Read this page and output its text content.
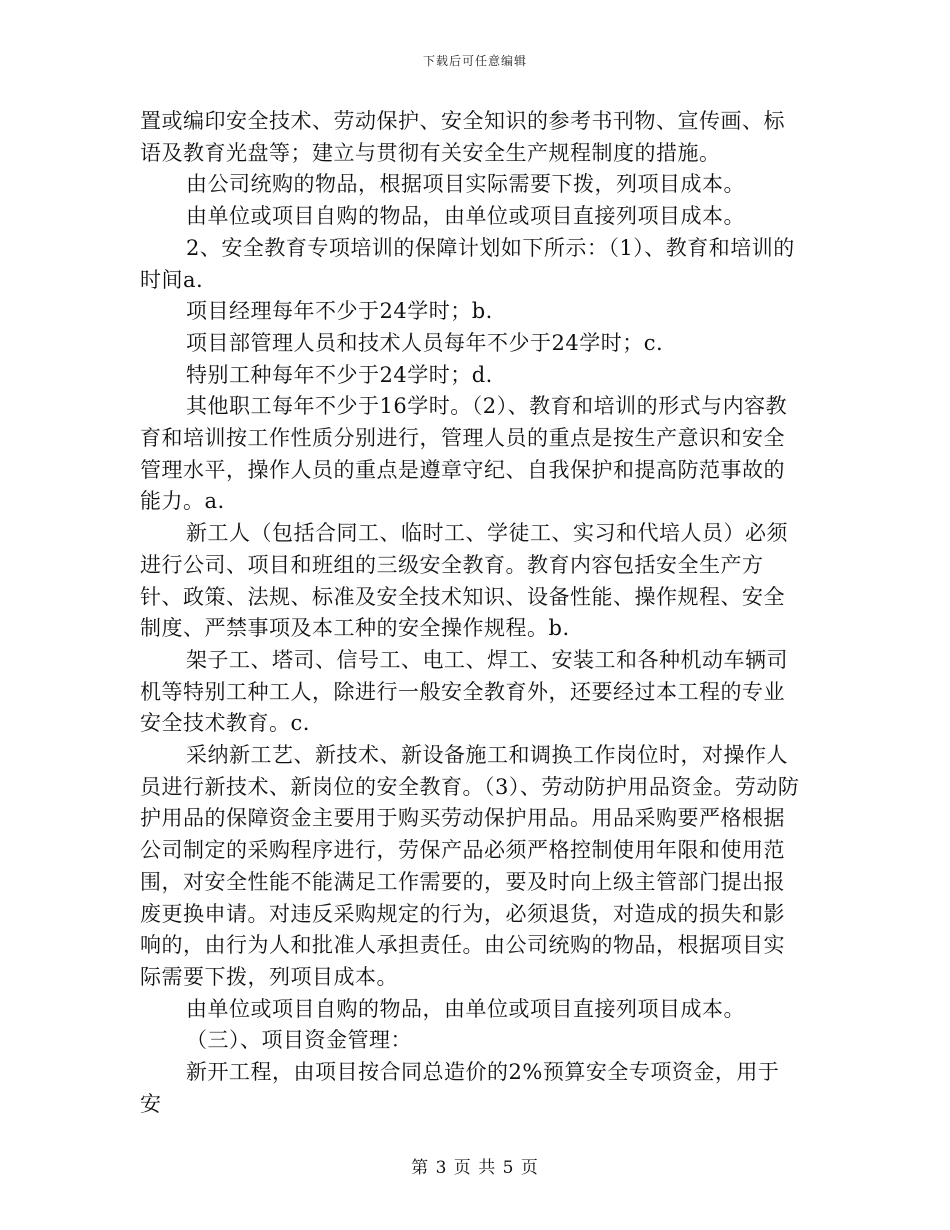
下载后可任意编辑

置或编印安全技术、劳动保护、安全知识的参考书刊物、宣传画、标语及教育光盘等；建立与贯彻有关安全生产规程制度的措施。

由公司统购的物品，根据项目实际需要下拨，列项目成本。

由单位或项目自购的物品，由单位或项目直接列项目成本。

2、安全教育专项培训的保障计划如下所示：（1）、教育和培训的时间a.

项目经理每年不少于24学时；b.

项目部管理人员和技术人员每年不少于24学时；c.

特别工种每年不少于24学时；d.

其他职工每年不少于16学时。（2）、教育和培训的形式与内容教育和培训按工作性质分别进行，管理人员的重点是按生产意识和安全管理水平，操作人员的重点是遵章守纪、自我保护和提高防范事故的能力。a.

新工人（包括合同工、临时工、学徒工、实习和代培人员）必须进行公司、项目和班组的三级安全教育。教育内容包括安全生产方针、政策、法规、标准及安全技术知识、设备性能、操作规程、安全制度、严禁事项及本工种的安全操作规程。b.

架子工、塔司、信号工、电工、焊工、安装工和各种机动车辆司机等特别工种工人，除进行一般安全教育外，还要经过本工程的专业安全技术教育。c.

采纳新工艺、新技术、新设备施工和调换工作岗位时，对操作人员进行新技术、新岗位的安全教育。（3）、劳动防护用品资金。劳动防护用品的保障资金主要用于购买劳动保护用品。用品采购要严格根据公司制定的采购程序进行，劳保产品必须严格控制使用年限和使用范围，对安全性能不能满足工作需要的，要及时向上级主管部门提出报废更换申请。对违反采购规定的行为，必须退货，对造成的损失和影响的，由行为人和批准人承担责任。由公司统购的物品，根据项目实际需要下拨，列项目成本。

由单位或项目自购的物品，由单位或项目直接列项目成本。

（三）、项目资金管理：

新开工程，由项目按合同总造价的2%预算安全专项资金，用于安

第 3 页 共 5 页
